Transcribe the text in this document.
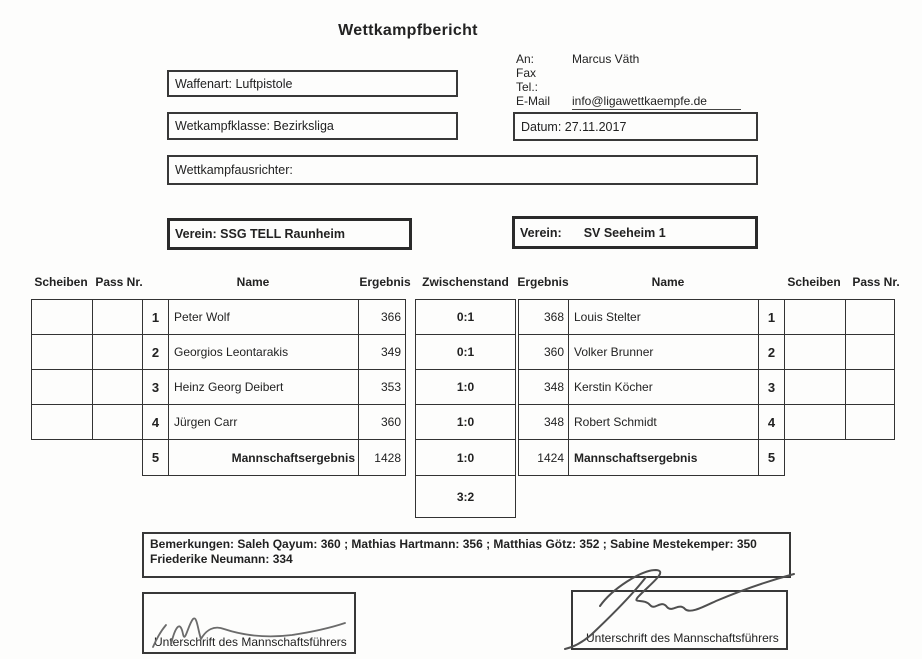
Wettkampfbericht
Waffenart: Luftpistole
Wetkampfklasse: Bezirksliga
Wettkampfausrichter:
An:	Marcus Väth
Fax
Tel.:
E-Mail info@ligawettkaempfe.de
Datum: 27.11.2017
Verein: SSG TELL Raunheim	Verein: SV Seeheim 1
Scheiben Pass Nr.	Name	Ergebnis Zwischenstand Ergebnis	Name	Scheiben Pass Nr.
1	Peter Wolf	366	0:1	368 Louis Stelter	1
2	Georgios Leontarakis	349	0:1	360 Volker Brunner	2
3	Heinz Georg Deibert	353	1:0	348 Kerstin Köcher	3
4	Jürgen Carr	360	1:0	348 Robert Schmidt	4
5	Mannschaftsergebnis	1428	1:0	1424 Mannschaftsergebnis	5
3:2
Bemerkungen: Saleh Qayum: 360 ; Mathias Hartmann: 356 ; Matthias Götz: 352 ; Sabine Mestekemper: 350
Friederike Neumann: 334
Unterschrift des Mannschaftsführers	Unterschrift des Mannschaftsführers
